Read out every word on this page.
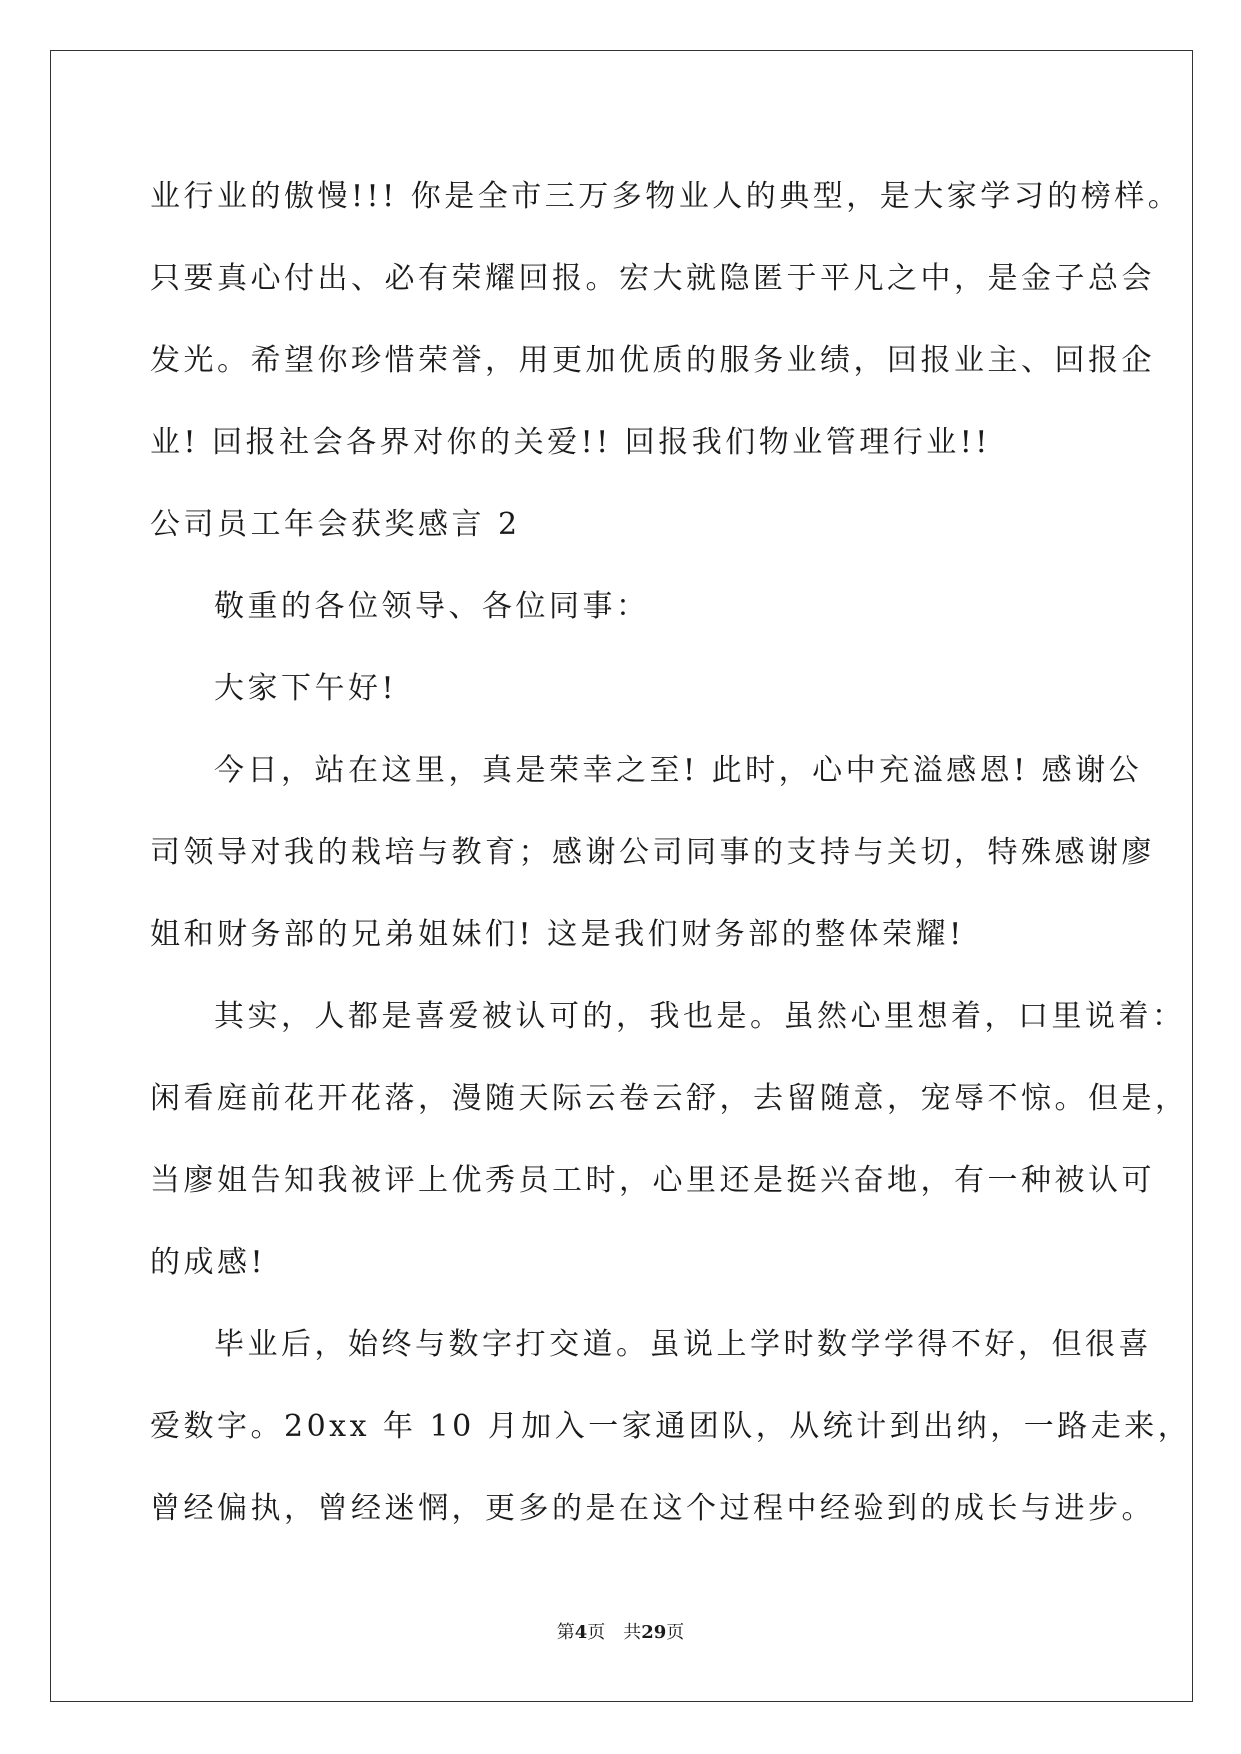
业行业的傲慢!!! 你是全市三万多物业人的典型，是大家学习的榜样。
只要真心付出、必有荣耀回报。宏大就隐匿于平凡之中，是金子总会
发光。希望你珍惜荣誉，用更加优质的服务业绩，回报业主、回报企
业! 回报社会各界对你的关爱!! 回报我们物业管理行业!!
公司员工年会获奖感言 2
敬重的各位领导、各位同事：
大家下午好!
今日，站在这里，真是荣幸之至! 此时，心中充溢感恩! 感谢公
司领导对我的栽培与教育；感谢公司同事的支持与关切，特殊感谢廖
姐和财务部的兄弟姐妹们! 这是我们财务部的整体荣耀!
其实，人都是喜爱被认可的，我也是。虽然心里想着，口里说着：
闲看庭前花开花落，漫随天际云卷云舒，去留随意，宠辱不惊。但是，
当廖姐告知我被评上优秀员工时，心里还是挺兴奋地，有一种被认可
的成感!
毕业后，始终与数字打交道。虽说上学时数学学得不好，但很喜
爱数字。20xx 年 10 月加入一家通团队，从统计到出纳，一路走来，
曾经偏执，曾经迷惘，更多的是在这个过程中经验到的成长与进步。
第4页　共29页
